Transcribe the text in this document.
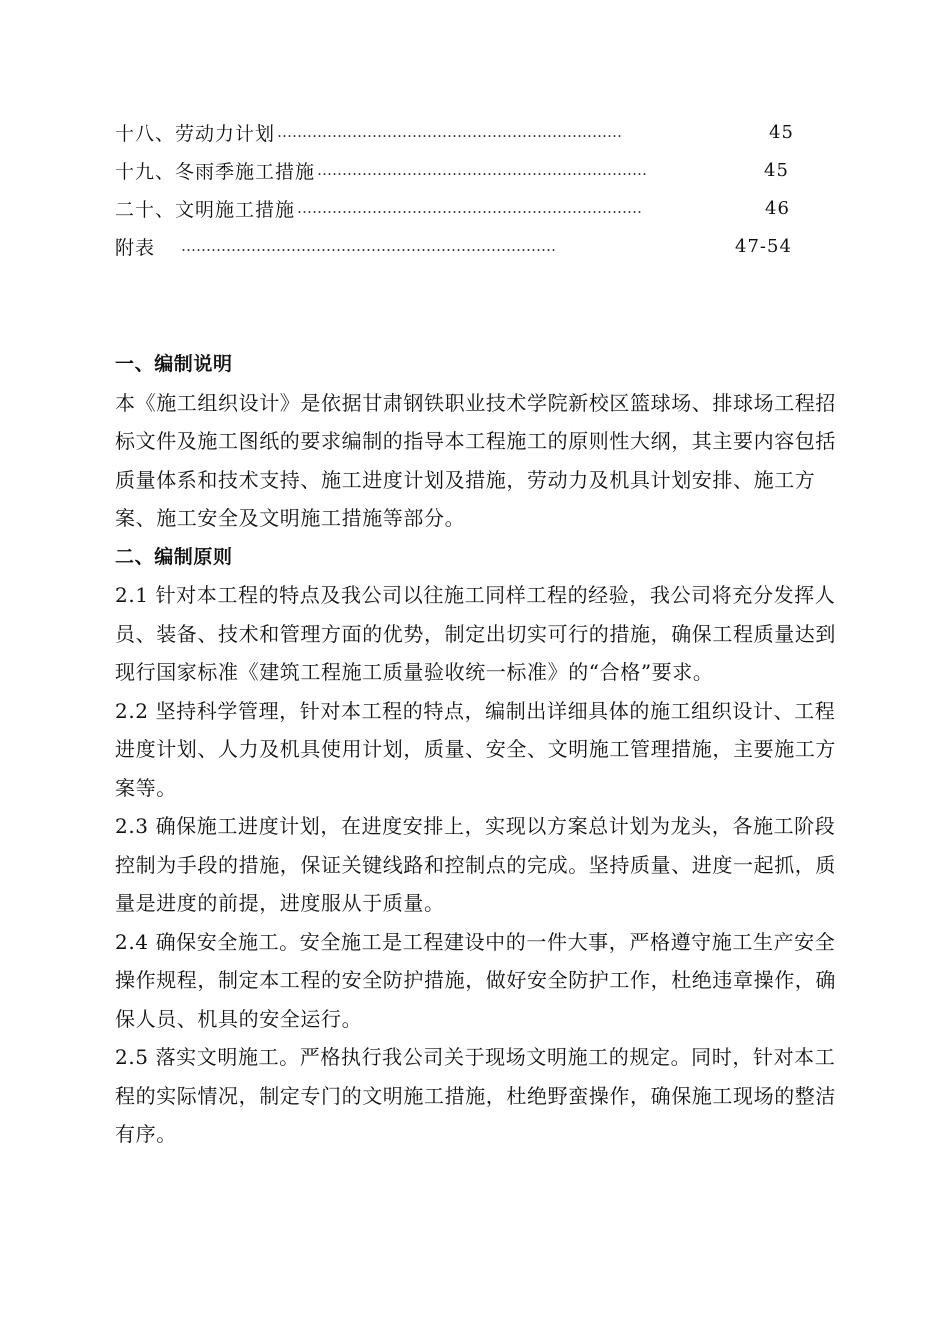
十八、劳动力计划 ……………………………………………………………	45
十九、冬雨季施工措施 …………………………………………………………	45
二十、文明施工措施 ……………………………………………………………	46
附表 …………………………………………………………………	47-54

一、编制说明

本《施工组织设计》是依据甘肃钢铁职业技术学院新校区篮球场、排球场工程招标文件及施工图纸的要求编制的指导本工程施工的原则性大纲，其主要内容包括质量体系和技术支持、施工进度计划及措施，劳动力及机具计划安排、施工方案、施工安全及文明施工措施等部分。

二、编制原则

2.1 针对本工程的特点及我公司以往施工同样工程的经验，我公司将充分发挥人员、装备、技术和管理方面的优势，制定出切实可行的措施，确保工程质量达到现行国家标准《建筑工程施工质量验收统一标准》的“合格”要求。

2.2 坚持科学管理，针对本工程的特点，编制出详细具体的施工组织设计、工程进度计划、人力及机具使用计划，质量、安全、文明施工管理措施，主要施工方案等。

2.3 确保施工进度计划，在进度安排上，实现以方案总计划为龙头，各施工阶段控制为手段的措施，保证关键线路和控制点的完成。坚持质量、进度一起抓，质量是进度的前提，进度服从于质量。

2.4 确保安全施工。安全施工是工程建设中的一件大事，严格遵守施工生产安全操作规程，制定本工程的安全防护措施，做好安全防护工作，杜绝违章操作，确保人员、机具的安全运行。

2.5 落实文明施工。严格执行我公司关于现场文明施工的规定。同时，针对本工程的实际情况，制定专门的文明施工措施，杜绝野蛮操作，确保施工现场的整洁有序。
